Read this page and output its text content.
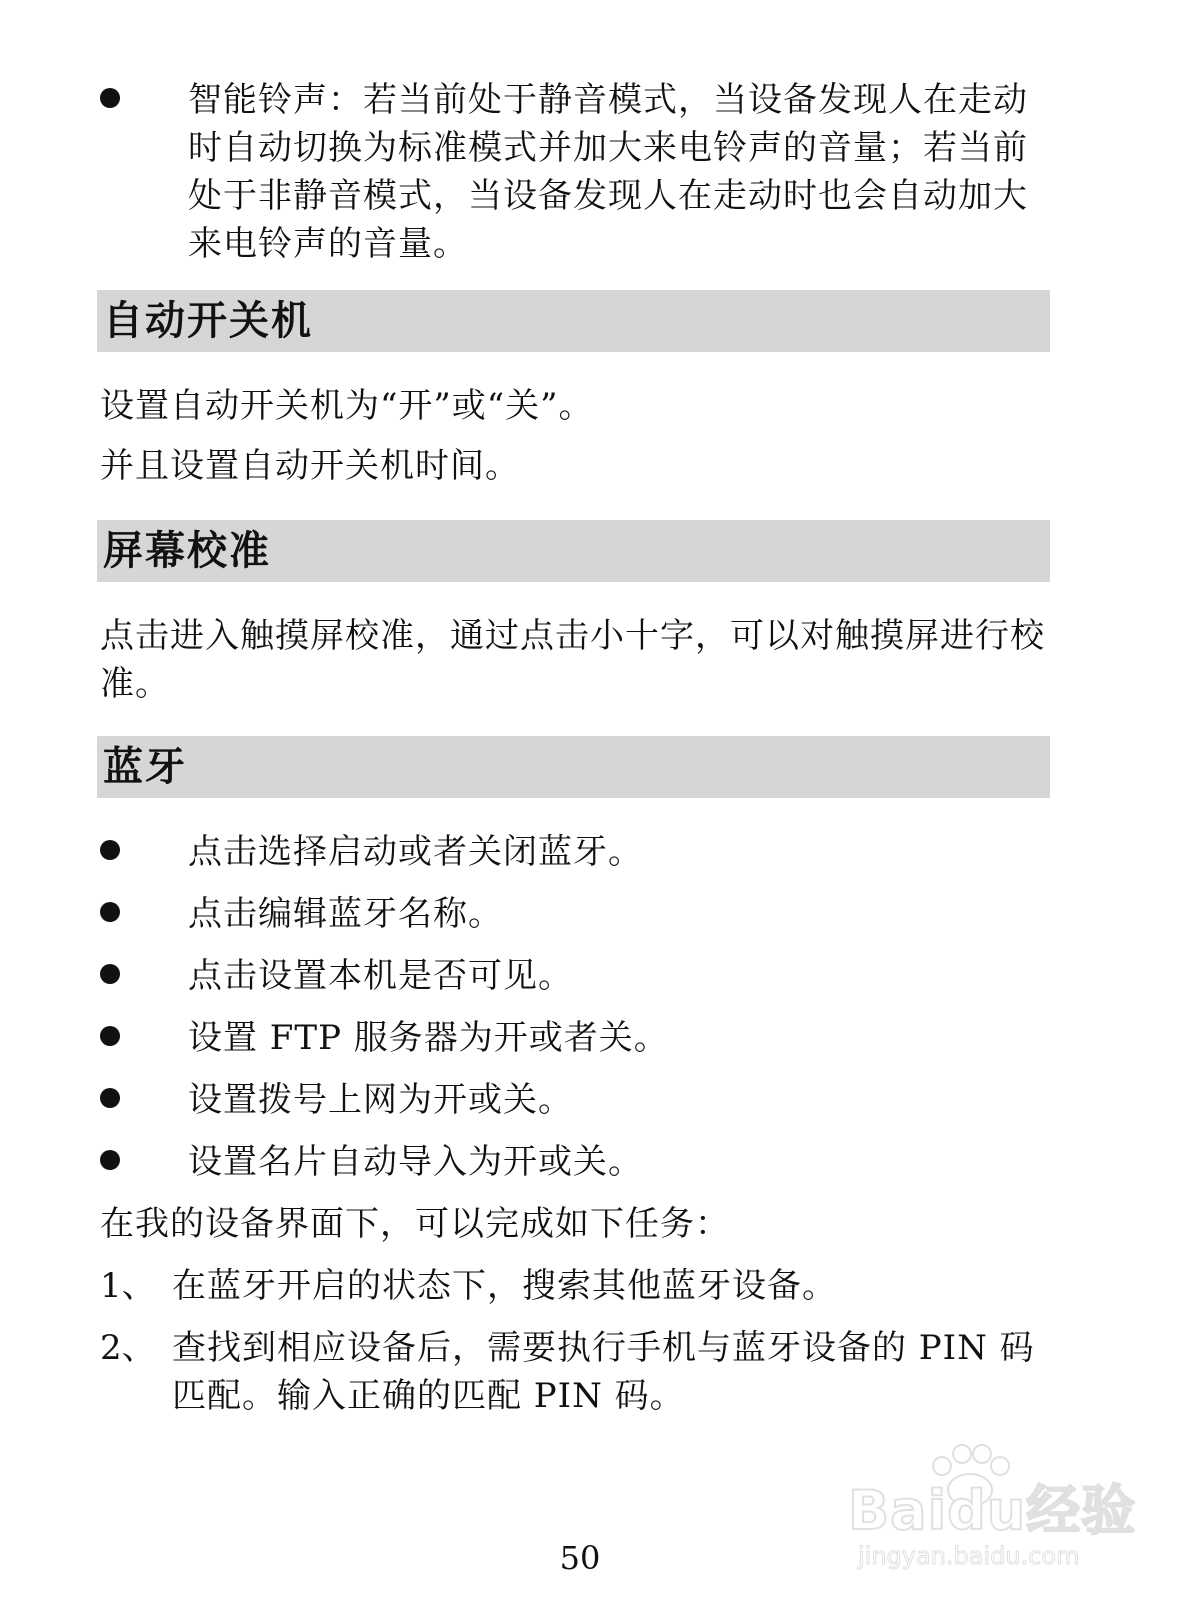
智能铃声：若当前处于静音模式，当设备发现人在走动时自动切换为标准模式并加大来电铃声的音量；若当前处于非静音模式，当设备发现人在走动时也会自动加大来电铃声的音量。
自动开关机
设置自动开关机为“开”或“关”。
并且设置自动开关机时间。
屏幕校准
点击进入触摸屏校准，通过点击小十字，可以对触摸屏进行校准。
蓝牙
点击选择启动或者关闭蓝牙。
点击编辑蓝牙名称。
点击设置本机是否可见。
设置 FTP 服务器为开或者关。
设置拨号上网为开或关。
设置名片自动导入为开或关。
在我的设备界面下，可以完成如下任务：
1、 在蓝牙开启的状态下，搜索其他蓝牙设备。
2、 查找到相应设备后，需要执行手机与蓝牙设备的 PIN 码匹配。输入正确的匹配 PIN 码。
Baidu经验
jingyan.baidu.com
50
